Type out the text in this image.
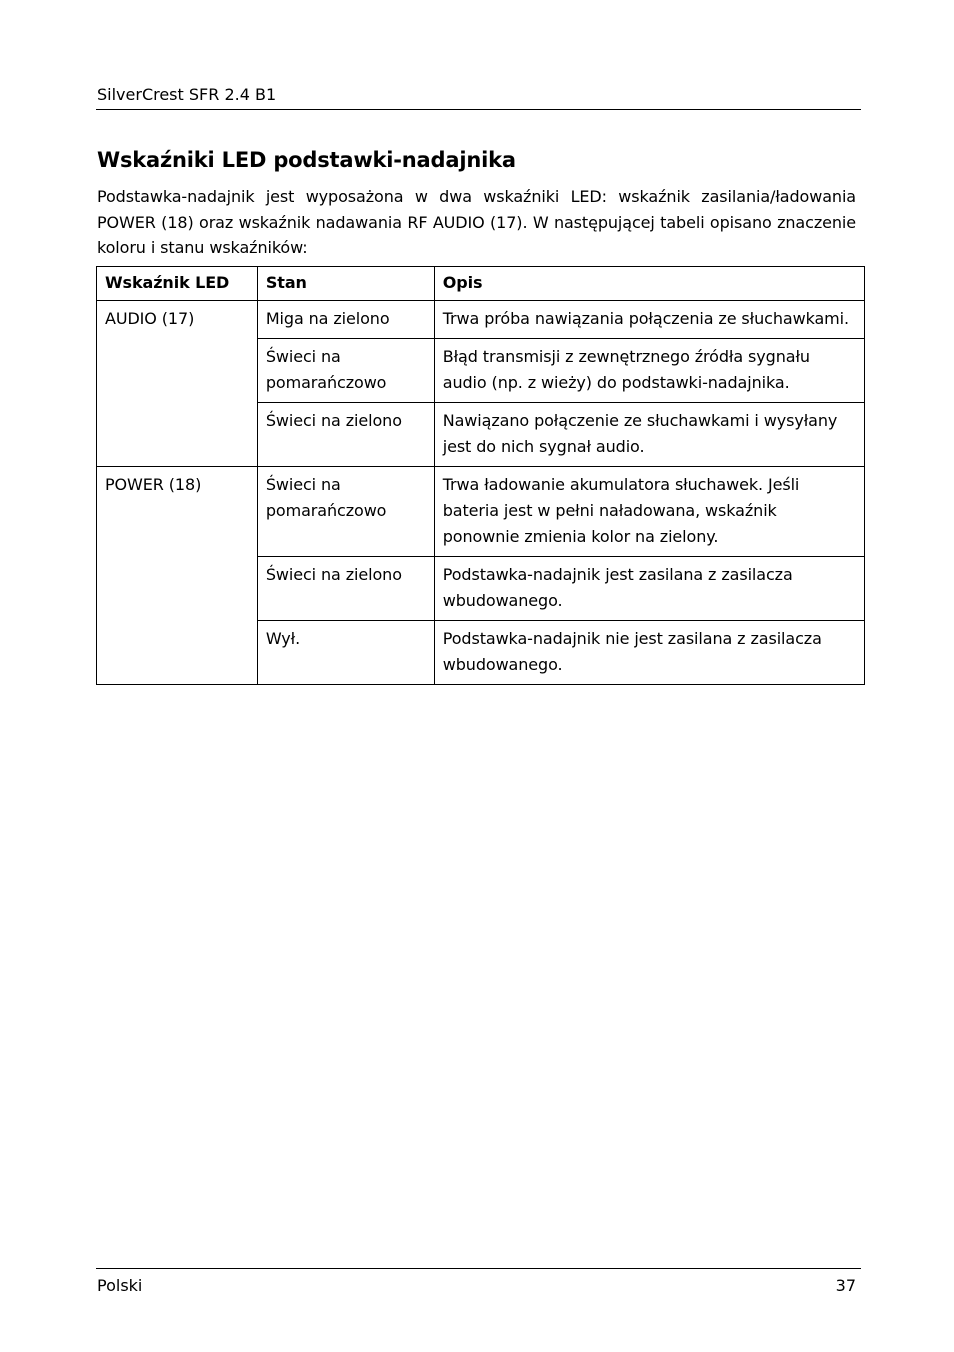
SilverCrest SFR 2.4 B1
Wskaźniki LED podstawki-nadajnika
Podstawka-nadajnik jest wyposażona w dwa wskaźniki LED: wskaźnik zasilania/ładowania POWER (18) oraz wskaźnik nadawania RF AUDIO (17). W następującej tabeli opisano znaczenie koloru i stanu wskaźników:
Wskaźnik LED	Stan	Opis
AUDIO (17)	Miga na zielono	Trwa próba nawiązania połączenia ze słuchawkami.
	Świeci na pomarańczowo	Błąd transmisji z zewnętrznego źródła sygnału audio (np. z wieży) do podstawki-nadajnika.
	Świeci na zielono	Nawiązano połączenie ze słuchawkami i wysyłany jest do nich sygnał audio.
POWER (18)	Świeci na pomarańczowo	Trwa ładowanie akumulatora słuchawek. Jeśli bateria jest w pełni naładowana, wskaźnik ponownie zmienia kolor na zielony.
	Świeci na zielono	Podstawka-nadajnik jest zasilana z zasilacza wbudowanego.
	Wył.	Podstawka-nadajnik nie jest zasilana z zasilacza wbudowanego.
Polski	37
